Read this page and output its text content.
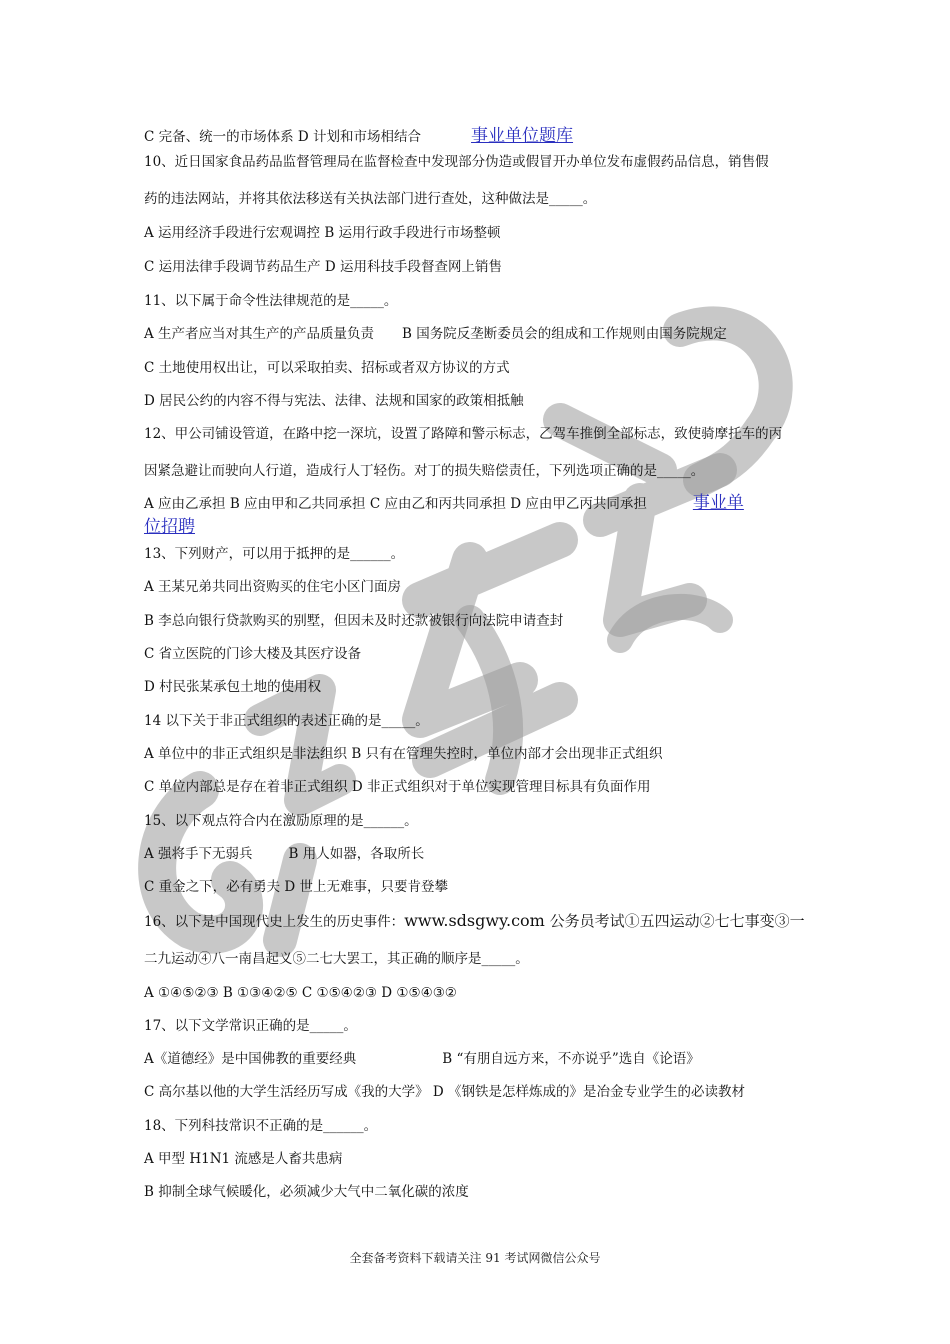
C 完备、统一的市场体系 D 计划和市场相结合	事业单位题库
10、近日国家食品药品监督管理局在监督检查中发现部分伪造或假冒开办单位发布虚假药品信息，销售假
药的违法网站，并将其依法移送有关执法部门进行查处，这种做法是_____。
A 运用经济手段进行宏观调控 B 运用行政手段进行市场整顿
C 运用法律手段调节药品生产 D 运用科技手段督查网上销售
11、以下属于命令性法律规范的是_____。
A 生产者应当对其生产的产品质量负责 B 国务院反垄断委员会的组成和工作规则由国务院规定
C 土地使用权出让，可以采取拍卖、招标或者双方协议的方式
D 居民公约的内容不得与宪法、法律、法规和国家的政策相抵触
12、甲公司铺设管道，在路中挖一深坑，设置了路障和警示标志，乙驾车推倒全部标志，致使骑摩托车的丙
因紧急避让而驶向人行道，造成行人丁轻伤。对丁的损失赔偿责任，下列选项正确的是_____。
A 应由乙承担 B 应由甲和乙共同承担 C 应由乙和丙共同承担 D 应由甲乙丙共同承担	事业单
位招聘
13、下列财产，可以用于抵押的是______。
A 王某兄弟共同出资购买的住宅小区门面房
B 李总向银行贷款购买的别墅，但因未及时还款被银行向法院申请查封
C 省立医院的门诊大楼及其医疗设备
D 村民张某承包土地的使用权
14 以下关于非正式组织的表述正确的是_____。
A 单位中的非正式组织是非法组织 B 只有在管理失控时，单位内部才会出现非正式组织
C 单位内部总是存在着非正式组织 D 非正式组织对于单位实现管理目标具有负面作用
15、以下观点符合内在激励原理的是______。
A 强将手下无弱兵	B 用人如器，各取所长
C 重金之下，必有勇夫 D 世上无难事，只要肯登攀
16、以下是中国现代史上发生的历史事件：www.sdsgwy.com 公务员考试①五四运动②七七事变③一
二九运动④八一南昌起义⑤二七大罢工，其正确的顺序是_____。
A ①④⑤②③ B ①③④②⑤ C ①⑤④②③ D ①⑤④③②
17、以下文学常识正确的是_____。
A《道德经》是中国佛教的重要经典	B “有朋自远方来，不亦说乎”选自《论语》
C 高尔基以他的大学生活经历写成《我的大学》 D 《钢铁是怎样炼成的》是冶金专业学生的必读教材
18、下列科技常识不正确的是______。
A 甲型 H1N1 流感是人畜共患病
B 抑制全球气候暖化，必须减少大气中二氧化碳的浓度
全套备考资料下载请关注 91 考试网微信公众号
